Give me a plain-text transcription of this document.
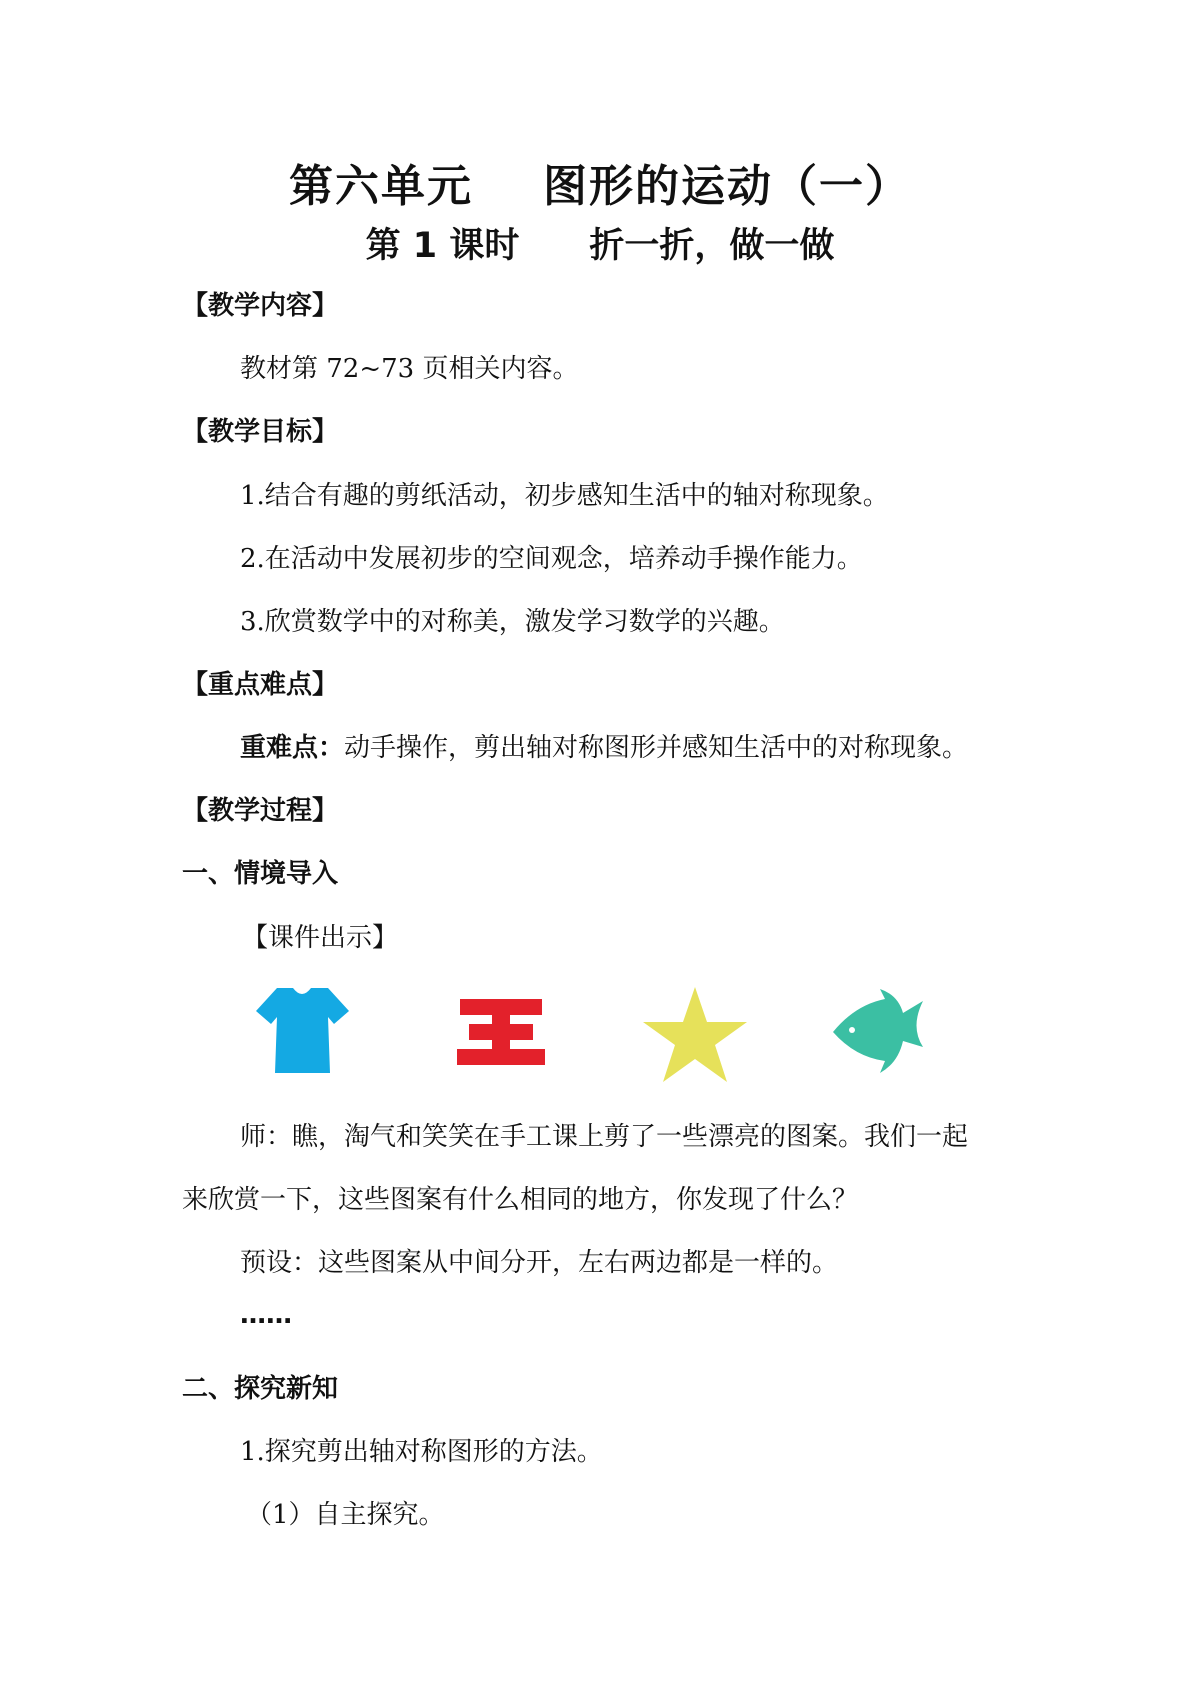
第六单元 图形的运动（一）
第 1 课时 折一折，做一做
【教学内容】
教材第 72~73 页相关内容。
【教学目标】
1.结合有趣的剪纸活动，初步感知生活中的轴对称现象。
2.在活动中发展初步的空间观念，培养动手操作能力。
3.欣赏数学中的对称美，激发学习数学的兴趣。
【重点难点】
重难点：动手操作，剪出轴对称图形并感知生活中的对称现象。
【教学过程】
一、情境导入
【课件出示】
师：瞧，淘气和笑笑在手工课上剪了一些漂亮的图案。我们一起
来欣赏一下，这些图案有什么相同的地方，你发现了什么？
预设：这些图案从中间分开，左右两边都是一样的。
……
二、探究新知
1.探究剪出轴对称图形的方法。
（1）自主探究。
